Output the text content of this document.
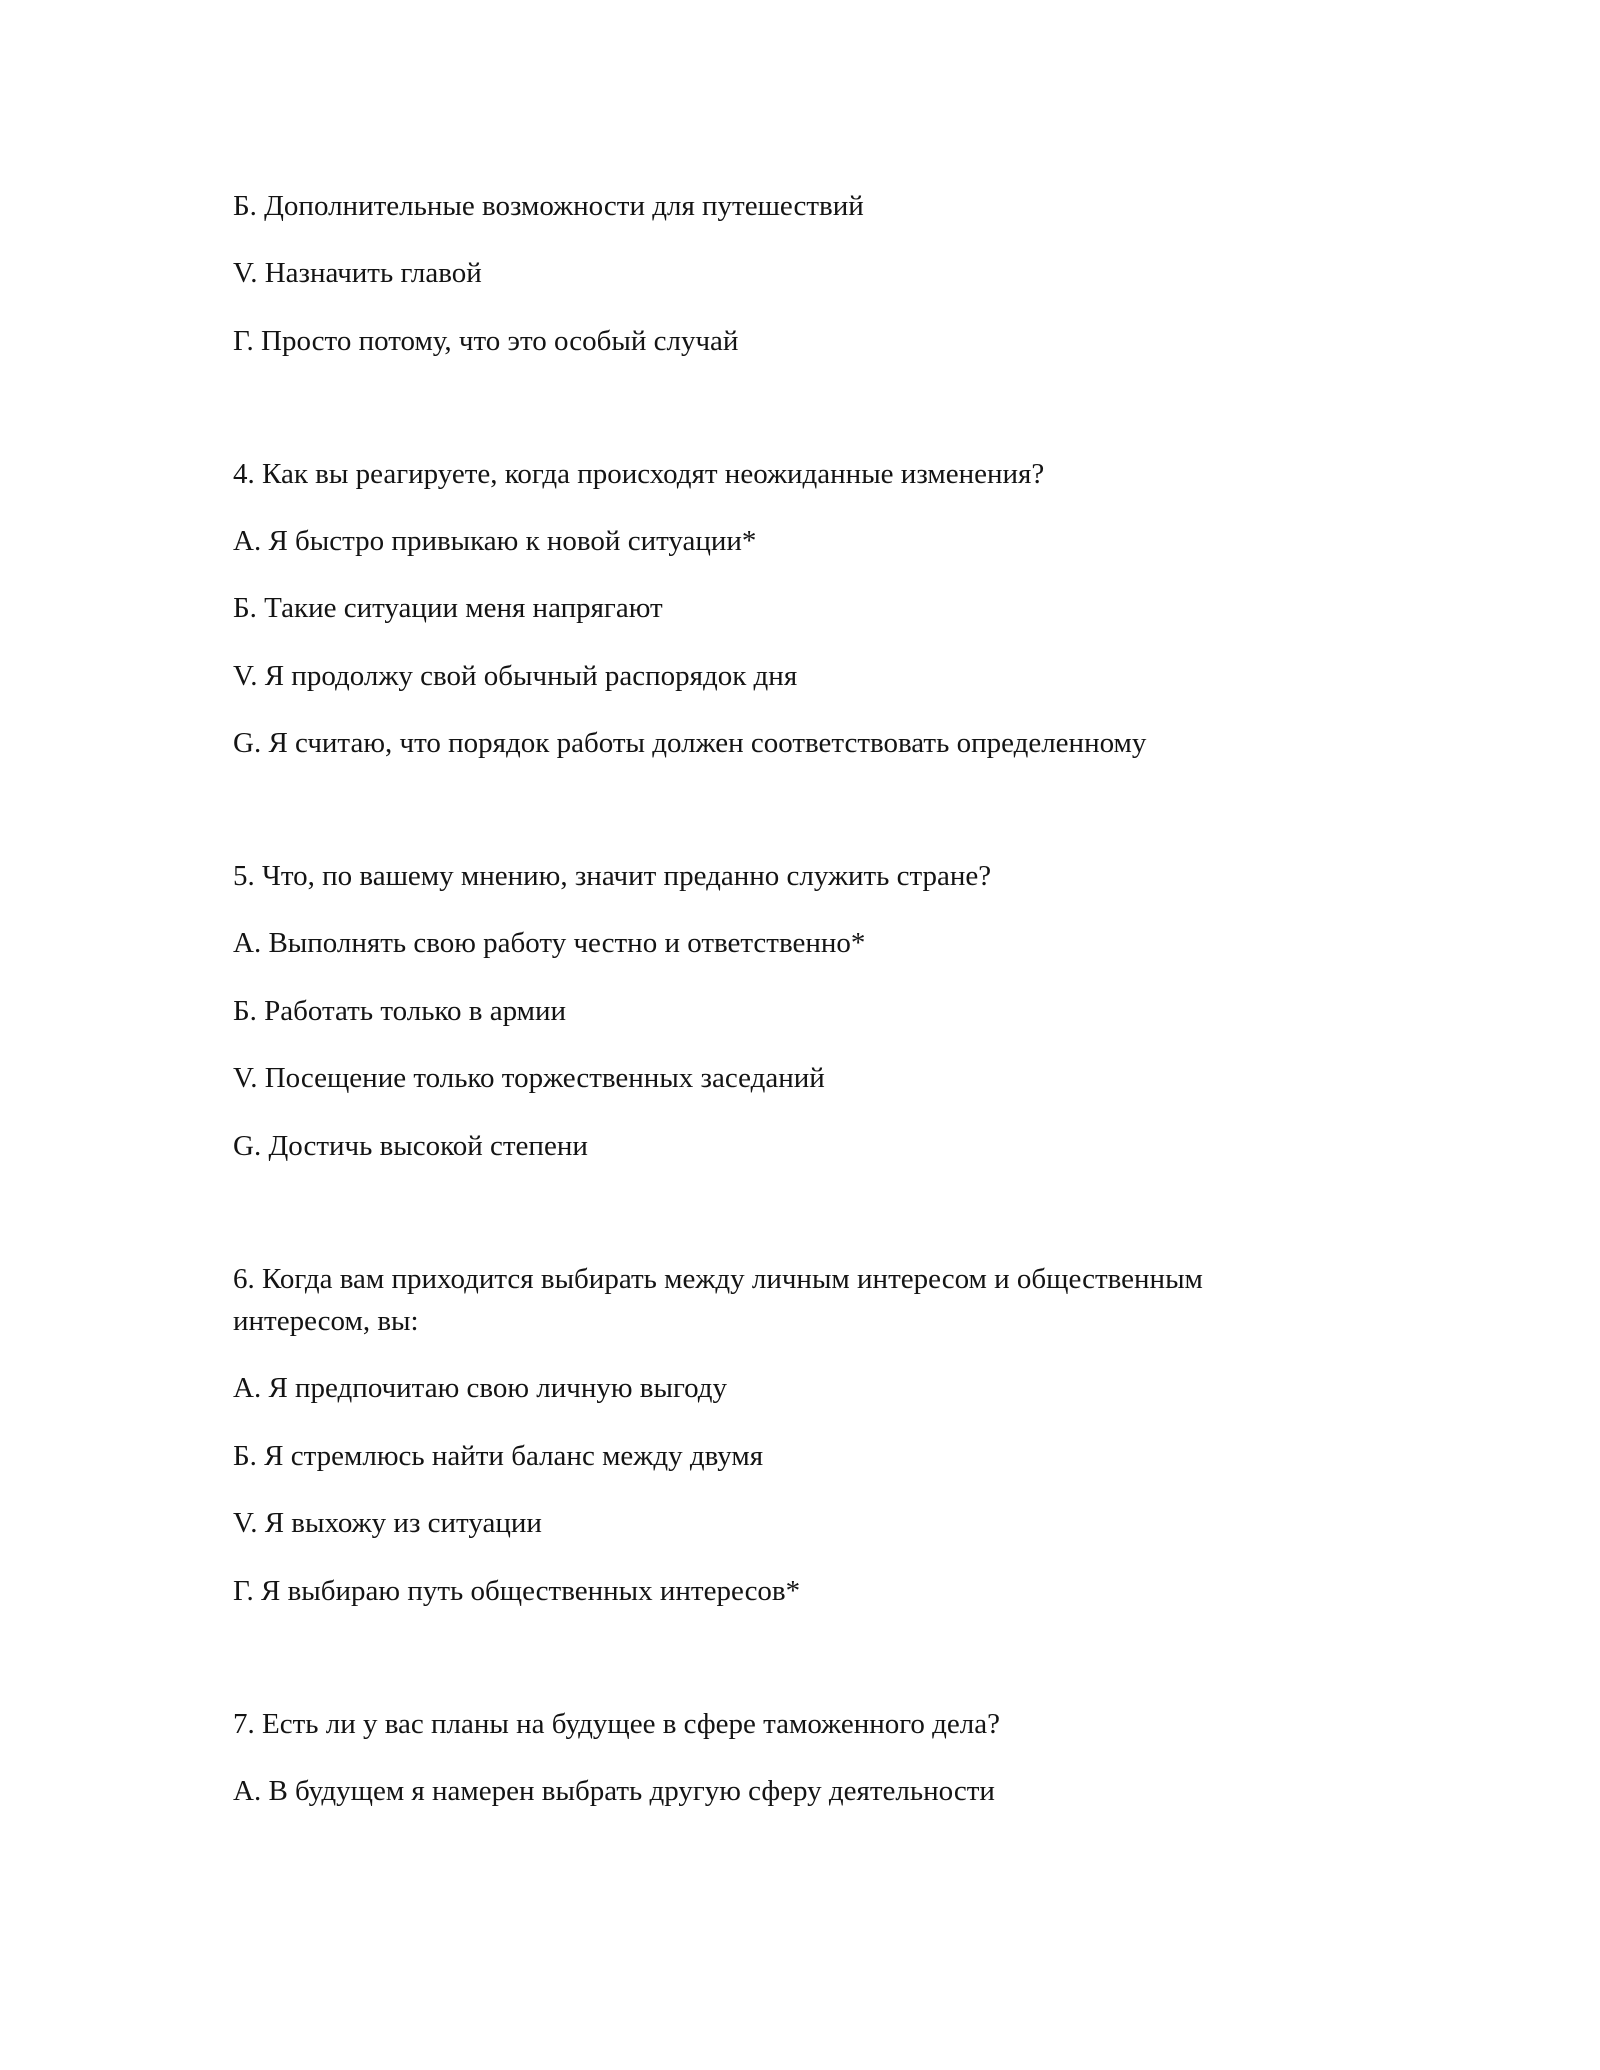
Б. Дополнительные возможности для путешествий

V. Назначить главой

Г. Просто потому, что это особый случай

4. Как вы реагируете, когда происходят неожиданные изменения?

А. Я быстро привыкаю к новой ситуации*

Б. Такие ситуации меня напрягают

V. Я продолжу свой обычный распорядок дня

G. Я считаю, что порядок работы должен соответствовать определенному

5. Что, по вашему мнению, значит преданно служить стране?

А. Выполнять свою работу честно и ответственно*

Б. Работать только в армии

V. Посещение только торжественных заседаний

G. Достичь высокой степени

6. Когда вам приходится выбирать между личным интересом и общественным

интересом, вы:

А. Я предпочитаю свою личную выгоду

Б. Я стремлюсь найти баланс между двумя

V. Я выхожу из ситуации

Г. Я выбираю путь общественных интересов*

7. Есть ли у вас планы на будущее в сфере таможенного дела?

А. В будущем я намерен выбрать другую сферу деятельности
